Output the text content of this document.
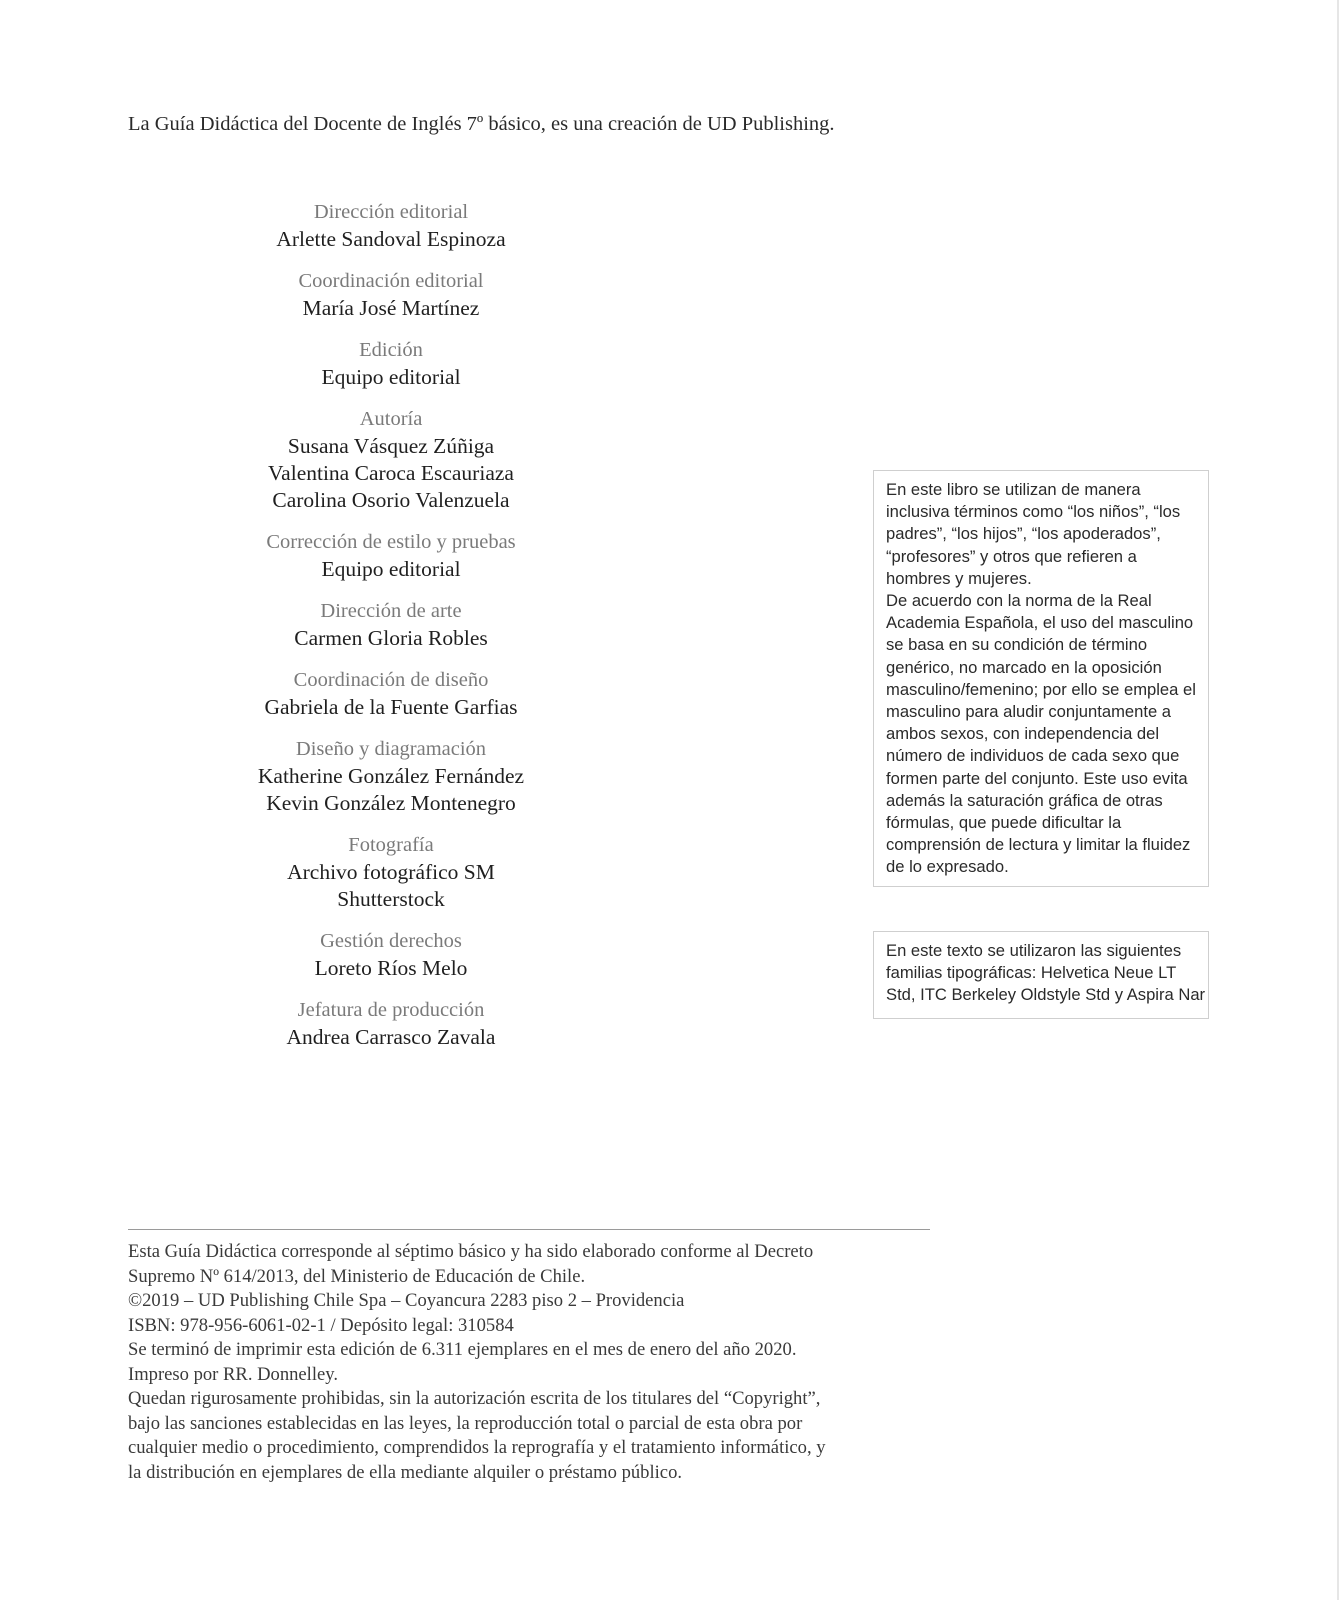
La Guía Didáctica del Docente de Inglés 7º básico, es una creación de UD Publishing.
Dirección editorial
Arlette Sandoval Espinoza
Coordinación editorial
María José Martínez
Edición
Equipo editorial
Autoría
Susana Vásquez Zúñiga
Valentina Caroca Escauriaza
Carolina Osorio Valenzuela
Corrección de estilo y pruebas
Equipo editorial
Dirección de arte
Carmen Gloria Robles
Coordinación de diseño
Gabriela de la Fuente Garfias
Diseño y diagramación
Katherine González Fernández
Kevin González Montenegro
Fotografía
Archivo fotográfico SM
Shutterstock
Gestión derechos
Loreto Ríos Melo
Jefatura de producción
Andrea Carrasco Zavala

En este libro se utilizan de manera inclusiva términos como “los niños”, “los padres”, “los hijos”, “los apoderados”, “profesores” y otros que refieren a hombres y mujeres.

De acuerdo con la norma de la Real Academia Española, el uso del masculino se basa en su condición de término genérico, no marcado en la oposición masculino/femenino; por ello se emplea el masculino para aludir conjuntamente a ambos sexos, con independencia del número de individuos de cada sexo que formen parte del conjunto. Este uso evita además la saturación gráfica de otras fórmulas, que puede dificultar la comprensión de lectura y limitar la fluidez de lo expresado.

En este texto se utilizaron las siguientes

familias tipográficas: Helvetica Neue LT

Std, ITC Berkeley Oldstyle Std y Aspira Nar

Esta Guía Didáctica corresponde al séptimo básico y ha sido elaborado conforme al Decreto

Supremo Nº 614/2013, del Ministerio de Educación de Chile.

©2019 – UD Publishing Chile Spa – Coyancura 2283 piso 2 – Providencia

ISBN: 978-956-6061-02-1 / Depósito legal: 310584

Se terminó de imprimir esta edición de 6.311 ejemplares en el mes de enero del año 2020.

Impreso por RR. Donnelley.

Quedan rigurosamente prohibidas, sin la autorización escrita de los titulares del “Copyright”,

bajo las sanciones establecidas en las leyes, la reproducción total o parcial de esta obra por

cualquier medio o procedimiento, comprendidos la reprografía y el tratamiento informático, y

la distribución en ejemplares de ella mediante alquiler o préstamo público.
